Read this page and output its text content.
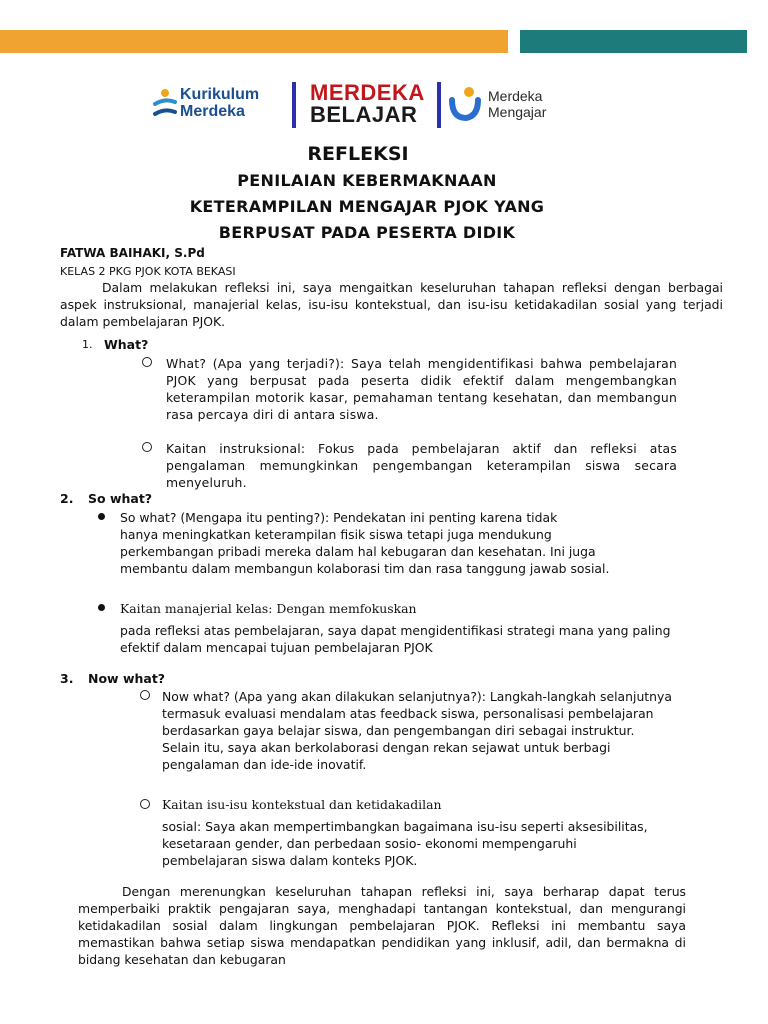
Kurikulum
Merdeka
MERDEKA
BELAJAR
Merdeka
Mengajar
REFLEKSI
PENILAIAN KEBERMAKNAAN
KETERAMPILAN MENGAJAR PJOK YANG
BERPUSAT PADA PESERTA DIDIK
FATWA BAIHAKI, S.Pd
KELAS 2 PKG PJOK KOTA BEKASI
Dalam melakukan refleksi ini, saya mengaitkan keseluruhan tahapan refleksi dengan berbagai aspek instruksional, manajerial kelas, isu-isu kontekstual, dan isu-isu ketidakadilan sosial yang terjadi dalam pembelajaran PJOK.
1. What?
What? (Apa yang terjadi?): Saya telah mengidentifikasi bahwa pembelajaran PJOK yang berpusat pada peserta didik efektif dalam mengembangkan keterampilan motorik kasar, pemahaman tentang kesehatan, dan membangun rasa percaya diri di antara siswa.
Kaitan instruksional: Fokus pada pembelajaran aktif dan refleksi atas pengalaman memungkinkan pengembangan keterampilan siswa secara menyeluruh.
2. So what?
So what? (Mengapa itu penting?): Pendekatan ini penting karena tidak
hanya meningkatkan keterampilan fisik siswa tetapi juga mendukung perkembangan pribadi mereka dalam hal kebugaran dan kesehatan. Ini juga membantu dalam membangun kolaborasi tim dan rasa tanggung jawab sosial.
Kaitan manajerial kelas: Dengan memfokuskan
pada refleksi atas pembelajaran, saya dapat mengidentifikasi strategi mana yang paling efektif dalam mencapai tujuan pembelajaran PJOK
3. Now what?
Now what? (Apa yang akan dilakukan selanjutnya?): Langkah-langkah selanjutnya termasuk evaluasi mendalam atas feedback siswa, personalisasi pembelajaran berdasarkan gaya belajar siswa, dan pengembangan diri sebagai instruktur. Selain itu, saya akan berkolaborasi dengan rekan sejawat untuk berbagi pengalaman dan ide-ide inovatif.
Kaitan isu-isu kontekstual dan ketidakadilan
sosial: Saya akan mempertimbangkan bagaimana isu-isu seperti aksesibilitas, kesetaraan gender, dan perbedaan sosio- ekonomi mempengaruhi pembelajaran siswa dalam konteks PJOK.
Dengan merenungkan keseluruhan tahapan refleksi ini, saya berharap dapat terus memperbaiki praktik pengajaran saya, menghadapi tantangan kontekstual, dan mengurangi ketidakadilan sosial dalam lingkungan pembelajaran PJOK. Refleksi ini membantu saya memastikan bahwa setiap siswa mendapatkan pendidikan yang inklusif, adil, dan bermakna di bidang kesehatan dan kebugaran
